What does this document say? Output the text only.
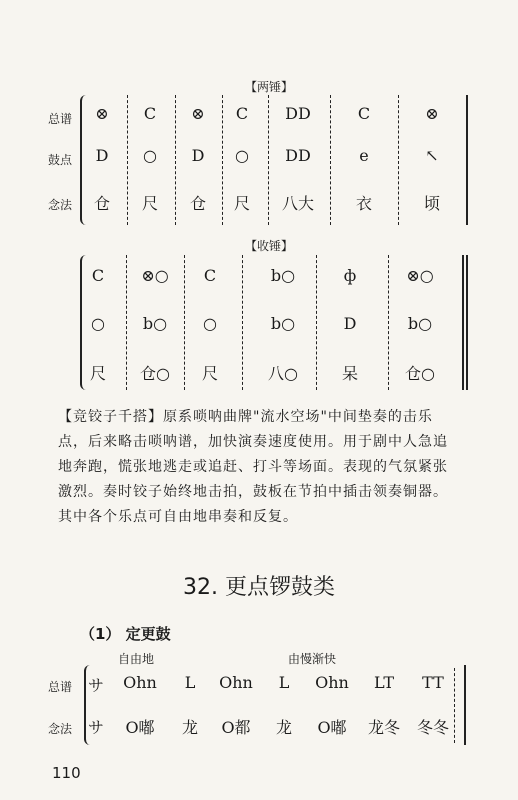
【两锤】
总谱
鼓点
念法
⊗	C	⊗	C	DD	C	⊗
D	○	D	○	DD	e	↖
仓	尺	仓	尺	八大	衣	顷
【收锤】
C	⊗○	C	b○	ф	⊗○
○	b○	○	b○	D	b○
尺	仓○	尺	八○	呆	仓○
【竞铰子千搭】原系唢呐曲牌"流水空场"中间垫奏的击乐点，后来略击唢呐谱，加快演奏速度使用。用于剧中人急追地奔跑，慌张地逃走或追赶、打斗等场面。表现的气氛紧张激烈。奏时铰子始终地击拍，鼓板在节拍中插击领奏铜器。其中各个乐点可自由地串奏和反复。
32. 更点锣鼓类
（1） 定更鼓
自由地	由慢渐快
总谱
念法
サ	Ohn	L	Ohn	L	Ohn	LT	TT
サ	O嘟	龙	O都	龙	O嘟	龙冬 冬冬
110
